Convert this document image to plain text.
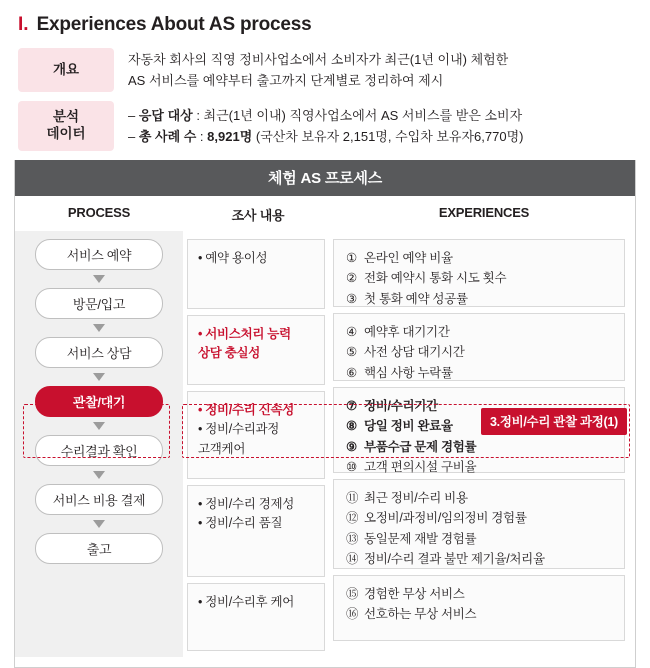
I. Experiences About AS process
개요
자동차 회사의 직영 정비사업소에서 소비자가 최근(1년 이내) 체험한
AS 서비스를 예약부터 출고까지 단계별로 정리하여 제시
분석
데이터
– 응답 대상 : 최근(1년 이내) 직영사업소에서 AS 서비스를 받은 소비자
– 총 사례 수 : 8,921명 (국산차 보유자 2,151명, 수입차 보유자6,770명)
체험 AS 프로세스
PROCESS	조사 내용	EXPERIENCES
서비스 예약
방문/입고
서비스 상담
관찰/대기
수리결과 확인
서비스 비용 결제
출고
• 예약 용이성
• 서비스처리 능력
상담 충실성
• 정비/수리 신속성
• 정비/수리과정
고객케어
• 정비/수리 경제성
• 정비/수리 품질
• 정비/수리후 케어
① 온라인 예약 비율
② 전화 예약시 통화 시도 횟수
③ 첫 통화 예약 성공률
④ 예약후 대기기간
⑤ 사전 상담 대기시간
⑥ 핵심 사항 누락률
⑦ 정비/수리기간
⑧ 당일 정비 완료율
⑨ 부품수급 문제 경험률
⑩ 고객 편의시설 구비율
⑪ 최근 정비/수리 비용
⑫ 오정비/과정비/임의정비 경험률
⑬ 동일문제 재발 경험률
⑭ 정비/수리 결과 불만 제기율/처리율
⑮ 경험한 무상 서비스
⑯ 선호하는 무상 서비스
3.정비/수리 관찰 과정(1)
